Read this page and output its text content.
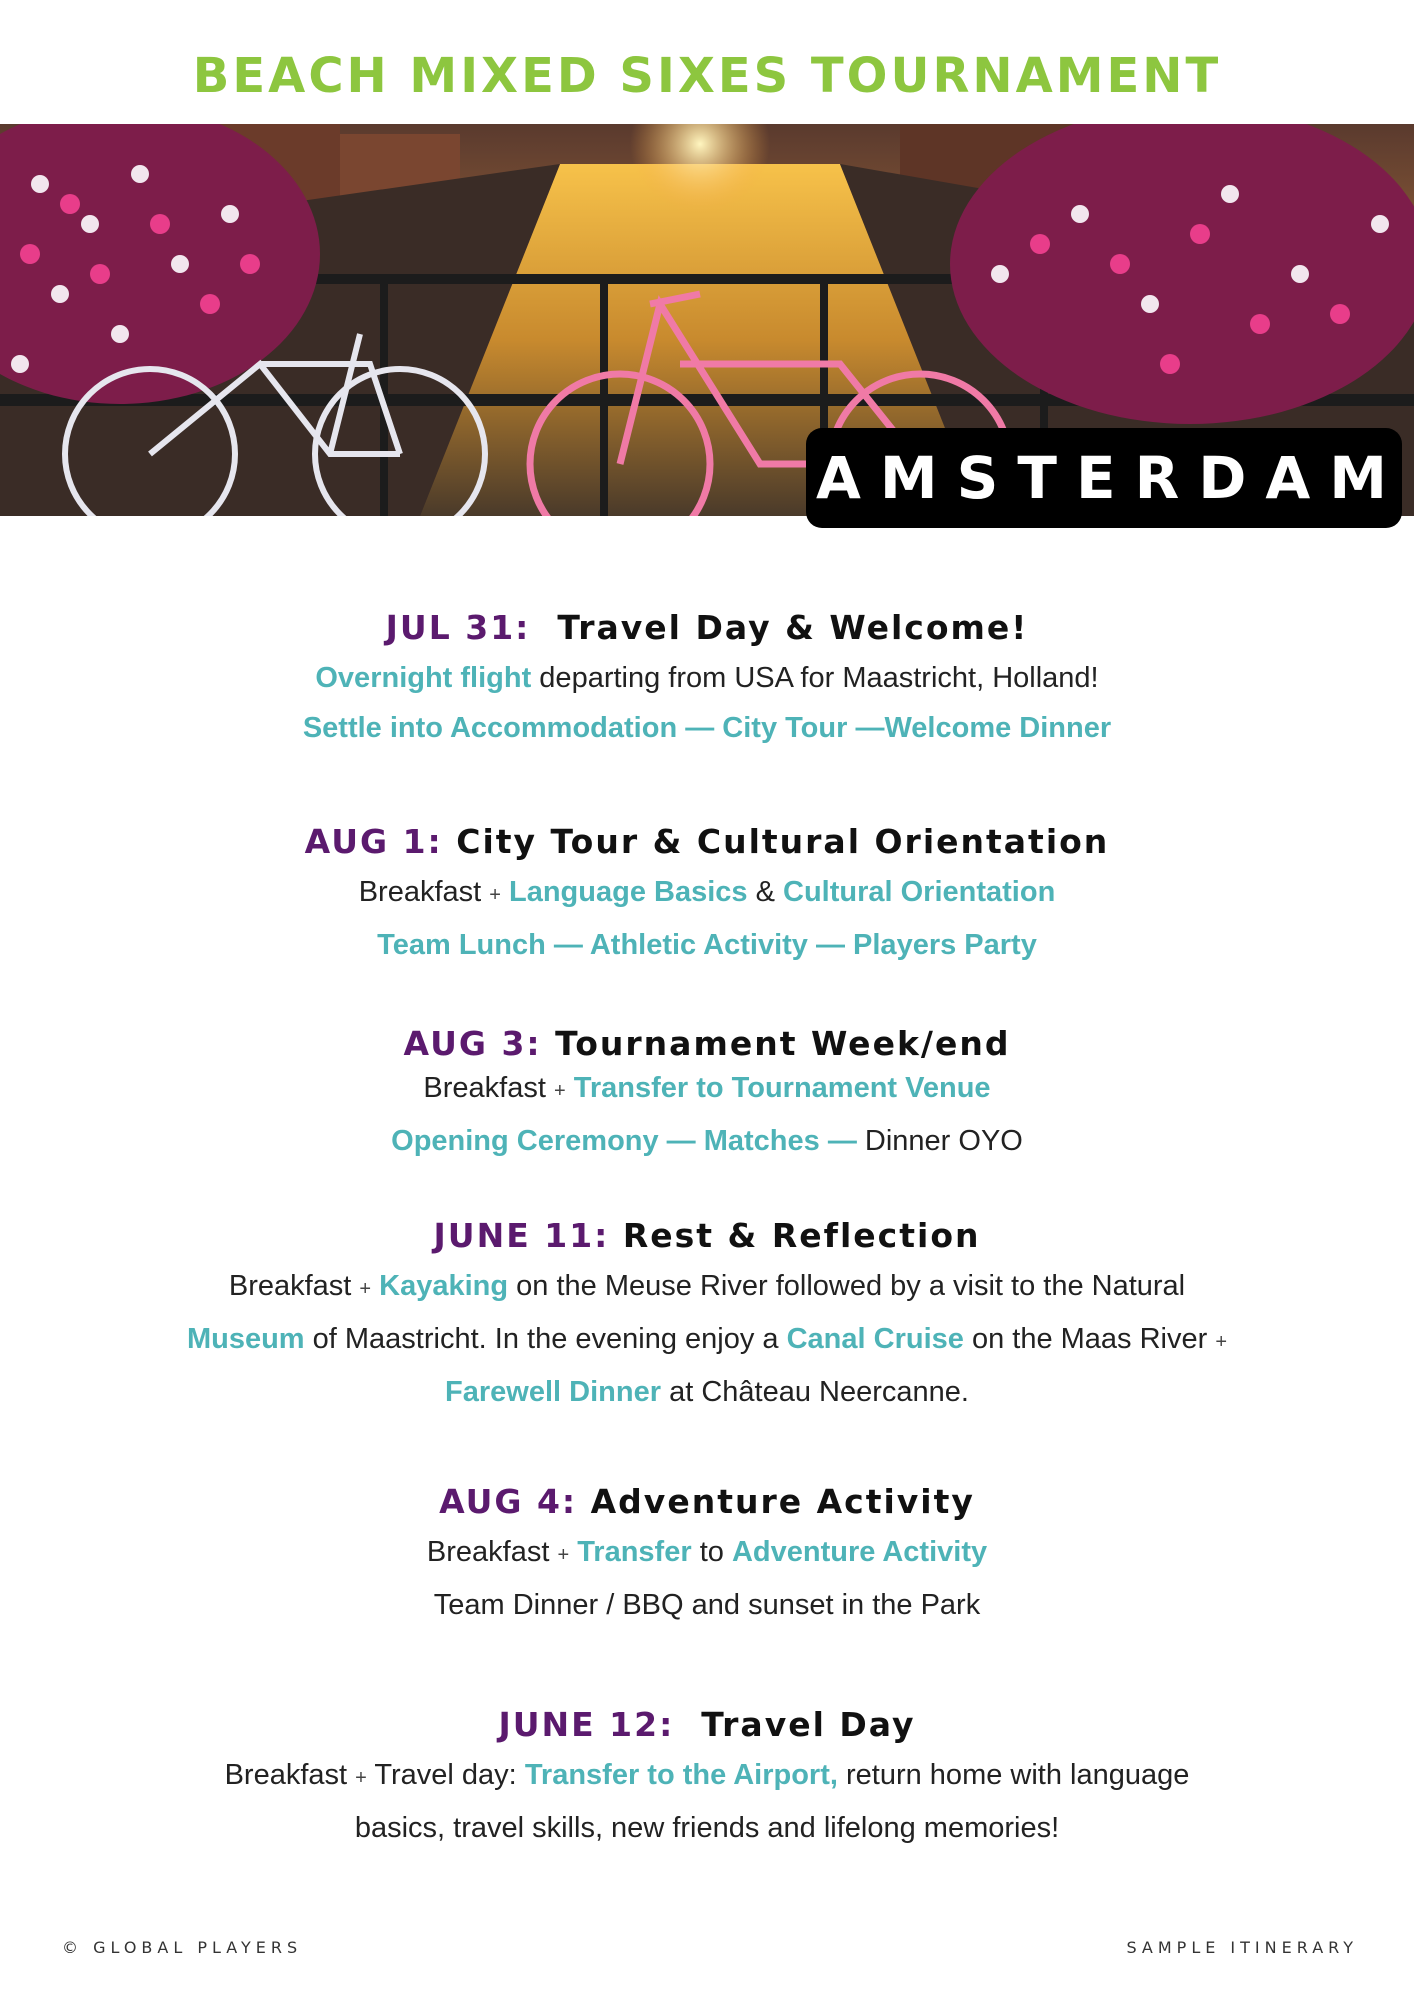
BEACH MIXED SIXES TOURNAMENT
AMSTERDAM
JUL 31: Travel Day & Welcome!
Overnight flight departing from USA for Maastricht, Holland!
Settle into Accommodation — City Tour —Welcome Dinner
AUG 1: City Tour & Cultural Orientation
Breakfast + Language Basics & Cultural Orientation
Team Lunch — Athletic Activity — Players Party
AUG 3: Tournament Week/end
Breakfast + Transfer to Tournament Venue
Opening Ceremony — Matches — Dinner OYO
JUNE 11: Rest & Reflection
Breakfast + Kayaking on the Meuse River followed by a visit to the Natural
Museum of Maastricht. In the evening enjoy a Canal Cruise on the Maas River +
Farewell Dinner at Château Neercanne.
AUG 4: Adventure Activity
Breakfast + Transfer to Adventure Activity
Team Dinner / BBQ and sunset in the Park
JUNE 12: Travel Day
Breakfast + Travel day: Transfer to the Airport, return home with language
basics, travel skills, new friends and lifelong memories!
© GLOBAL PLAYERS	SAMPLE ITINERARY
